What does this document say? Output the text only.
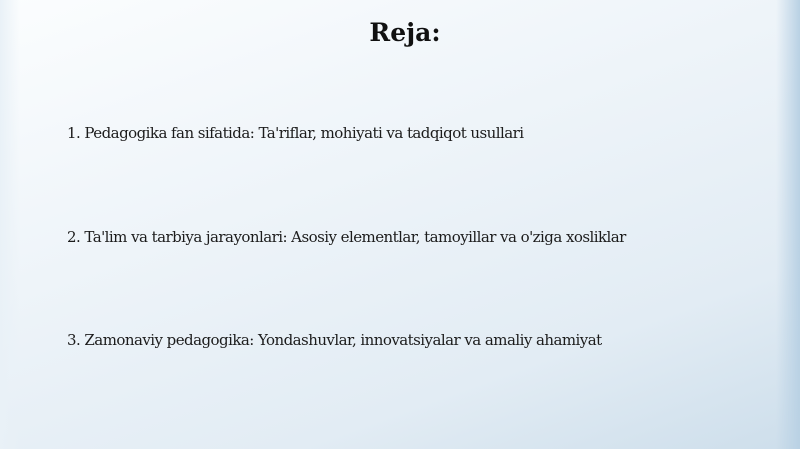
Reja:
1. Pedagogika fan sifatida: Ta'riflar, mohiyati va tadqiqot usullari
2. Ta'lim va tarbiya jarayonlari: Asosiy elementlar, tamoyillar va o'ziga xosliklar
3. Zamonaviy pedagogika: Yondashuvlar, innovatsiyalar va amaliy ahamiyat
